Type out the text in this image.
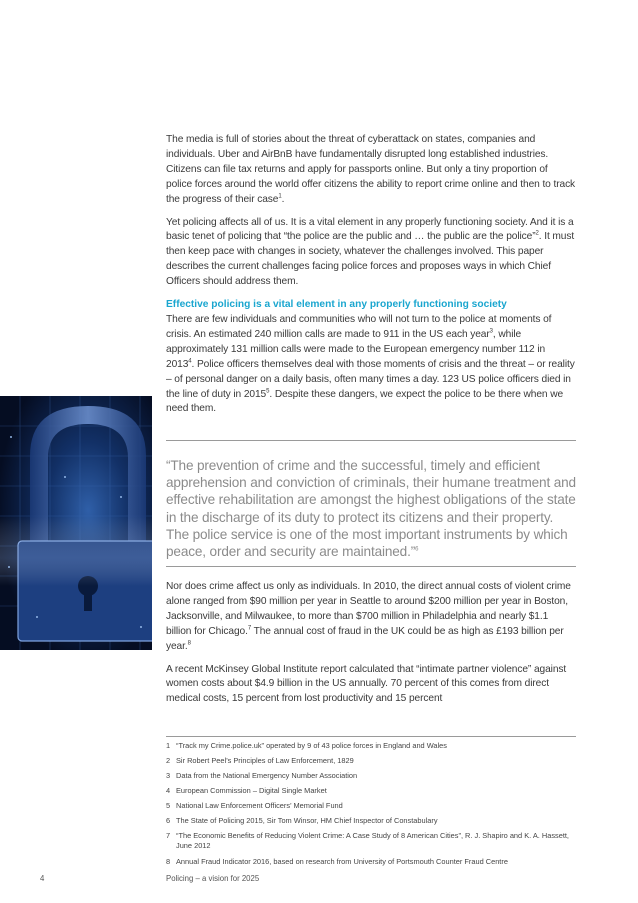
The media is full of stories about the threat of cyberattack on states, companies and individuals. Uber and AirBnB have fundamentally disrupted long established industries. Citizens can file tax returns and apply for passports online. But only a tiny proportion of police forces around the world offer citizens the ability to report crime online and then to track the progress of their case$^1$.

Yet policing affects all of us. It is a vital element in any properly functioning society. And it is a basic tenet of policing that “the police are the public and … the public are the police”$^2$. It must then keep pace with changes in society, whatever the challenges involved. This paper describes the current challenges facing police forces and proposes ways in which Chief Officers should address them.

Effective policing is a vital element in any properly functioning society

There are few individuals and communities who will not turn to the police at moments of crisis. An estimated 240 million calls are made to 911 in the US each year$^3$, while approximately 131 million calls were made to the European emergency number 112 in 2013$^4$. Police officers themselves deal with those moments of crisis and the threat – or reality – of personal danger on a daily basis, often many times a day. 123 US police officers died in the line of duty in 2015$^5$. Despite these dangers, we expect the police to be there when we need them.

“The prevention of crime and the successful, timely and efficient apprehension and conviction of criminals, their humane treatment and effective rehabilitation are amongst the highest obligations of the state in the discharge of its duty to protect its citizens and their property. The police service is one of the most important instruments by which peace, order and security are maintained.”$^6$

Nor does crime affect us only as individuals. In 2010, the direct annual costs of violent crime alone ranged from $90 million per year in Seattle to around $200 million per year in Boston, Jacksonville, and Milwaukee, to more than $700 million in Philadelphia and nearly $1.1 billion for Chicago.$^7$ The annual cost of fraud in the UK could be as high as £193 billion per year.$^8$

A recent McKinsey Global Institute report calculated that “intimate partner violence” against women costs about $4.9 billion in the US annually. 70 percent of this comes from direct medical costs, 15 percent from lost productivity and 15 percent

1 “Track my Crime.police.uk” operated by 9 of 43 police forces in England and Wales
2 Sir Robert Peel’s Principles of Law Enforcement, 1829
3 Data from the National Emergency Number Association
4 European Commission – Digital Single Market
5 National Law Enforcement Officers’ Memorial Fund
6 The State of Policing 2015, Sir Tom Winsor, HM Chief Inspector of Constabulary
7 “The Economic Benefits of Reducing Violent Crime: A Case Study of 8 American Cities”, R. J. Shapiro and K. A. Hassett, June 2012
8 Annual Fraud Indicator 2016, based on research from University of Portsmouth Counter Fraud Centre
4	Policing – a vision for 2025
